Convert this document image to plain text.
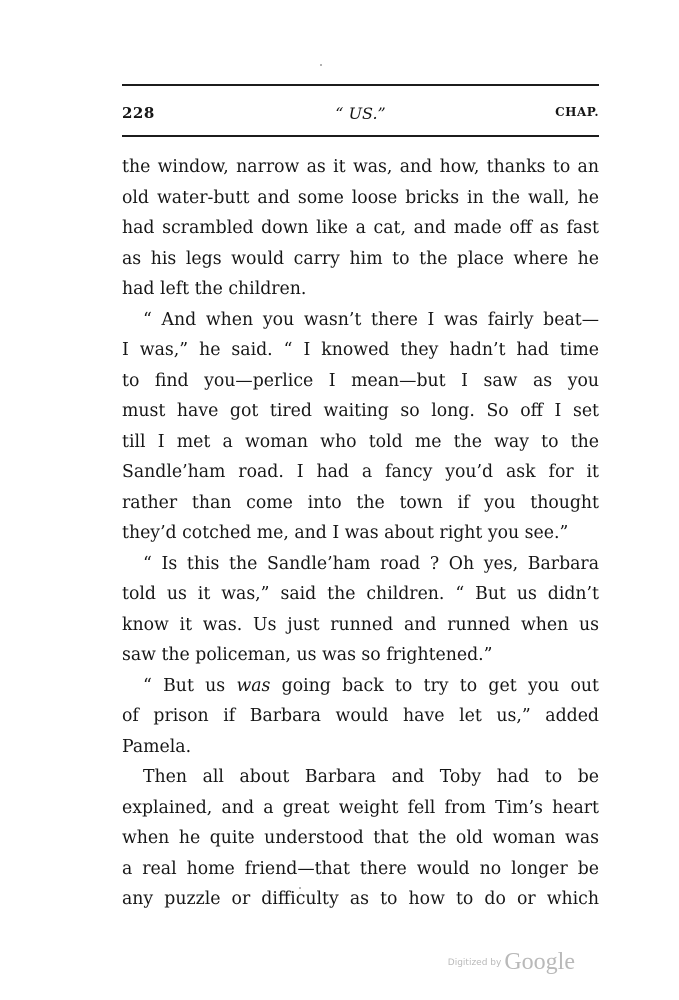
228	“ US.”	CHAP.
the window, narrow as it was, and how, thanks to an
old water-butt and some loose bricks in the wall, he
had scrambled down like a cat, and made off as fast
as his legs would carry him to the place where he
had left the children.
“ And when you wasn’t there I was fairly beat—
I was,” he said. “ I knowed they hadn’t had time
to find you—perlice I mean—but I saw as you
must have got tired waiting so long. So off I set
till I met a woman who told me the way to the
Sandle’ham road. I had a fancy you’d ask for it
rather than come into the town if you thought
they’d cotched me, and I was about right you see.”
“ Is this the Sandle’ham road ? Oh yes, Barbara
told us it was,” said the children. “ But us didn’t
know it was. Us just runned and runned when us
saw the policeman, us was so frightened.”
“ But us was going back to try to get you out
of prison if Barbara would have let us,” added
Pamela.
Then all about Barbara and Toby had to be
explained, and a great weight fell from Tim’s heart
when he quite understood that the old woman was
a real home friend—that there would no longer be
any puzzle or difficulty as to how to do or which
Digitized by Google
